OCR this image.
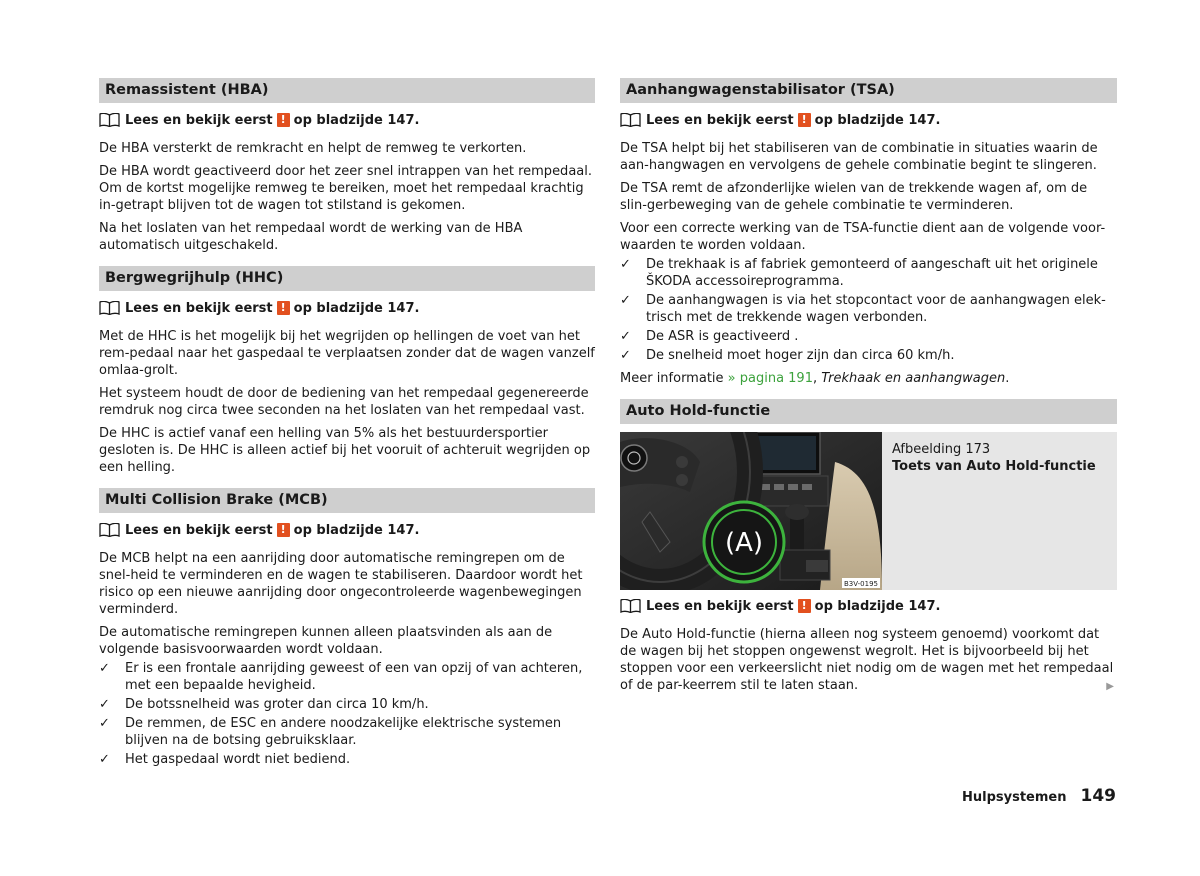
Remassistent (HBA)
Lees en bekijk eerst ! op bladzijde 147.

De HBA versterkt de remkracht en helpt de remweg te verkorten.

De HBA wordt geactiveerd door het zeer snel intrappen van het rempedaal. Om de kortst mogelijke remweg te bereiken, moet het rempedaal krachtig in-getrapt blijven tot de wagen tot stilstand is gekomen.

Na het loslaten van het rempedaal wordt de werking van de HBA automatisch uitgeschakeld.

Bergwegrijhulp (HHC)
Lees en bekijk eerst ! op bladzijde 147.

Met de HHC is het mogelijk bij het wegrijden op hellingen de voet van het rem-pedaal naar het gaspedaal te verplaatsen zonder dat de wagen vanzelf omlaa-grolt.

Het systeem houdt de door de bediening van het rempedaal gegenereerde remdruk nog circa twee seconden na het loslaten van het rempedaal vast.

De HHC is actief vanaf een helling van 5% als het bestuurdersportier gesloten is. De HHC is alleen actief bij het vooruit of achteruit wegrijden op een helling.

Multi Collision Brake (MCB)
Lees en bekijk eerst ! op bladzijde 147.

De MCB helpt na een aanrijding door automatische remingrepen om de snel-heid te verminderen en de wagen te stabiliseren. Daardoor wordt het risico op een nieuwe aanrijding door ongecontroleerde wagenbewegingen verminderd.

De automatische remingrepen kunnen alleen plaatsvinden als aan de volgende basisvoorwaarden wordt voldaan.

✓ Er is een frontale aanrijding geweest of een van opzij of van achteren, met een bepaalde hevigheid.
✓ De botssnelheid was groter dan circa 10 km/h.
✓ De remmen, de ESC en andere noodzakelijke elektrische systemen blijven na de botsing gebruiksklaar.
✓ Het gaspedaal wordt niet bediend.
Aanhangwagenstabilisator (TSA)
Lees en bekijk eerst ! op bladzijde 147.

De TSA helpt bij het stabiliseren van de combinatie in situaties waarin de aan-hangwagen en vervolgens de gehele combinatie begint te slingeren.

De TSA remt de afzonderlijke wielen van de trekkende wagen af, om de slin-gerbeweging van de gehele combinatie te verminderen.

Voor een correcte werking van de TSA-functie dient aan de volgende voor-waarden te worden voldaan.

✓ De trekhaak is af fabriek gemonteerd of aangeschaft uit het originele ŠKODA accessoireprogramma.
✓ De aanhangwagen is via het stopcontact voor de aanhangwagen elek-trisch met de trekkende wagen verbonden.
✓ De ASR is geactiveerd .
✓ De snelheid moet hoger zijn dan circa 60 km/h.

Meer informatie » pagina 191, Trekhaak en aanhangwagen.

Auto Hold-functie
(A)
B3V-0195
Afbeelding 173
Toets van Auto Hold-functie
Lees en bekijk eerst ! op bladzijde 147.

De Auto Hold-functie (hierna alleen nog systeem genoemd) voorkomt dat de wagen bij het stoppen ongewenst wegrolt. Het is bijvoorbeeld bij het stoppen voor een verkeerslicht niet nodig om de wagen met het rempedaal of de par-keerrem stil te laten staan.	▶
Hulpsystemen 149
